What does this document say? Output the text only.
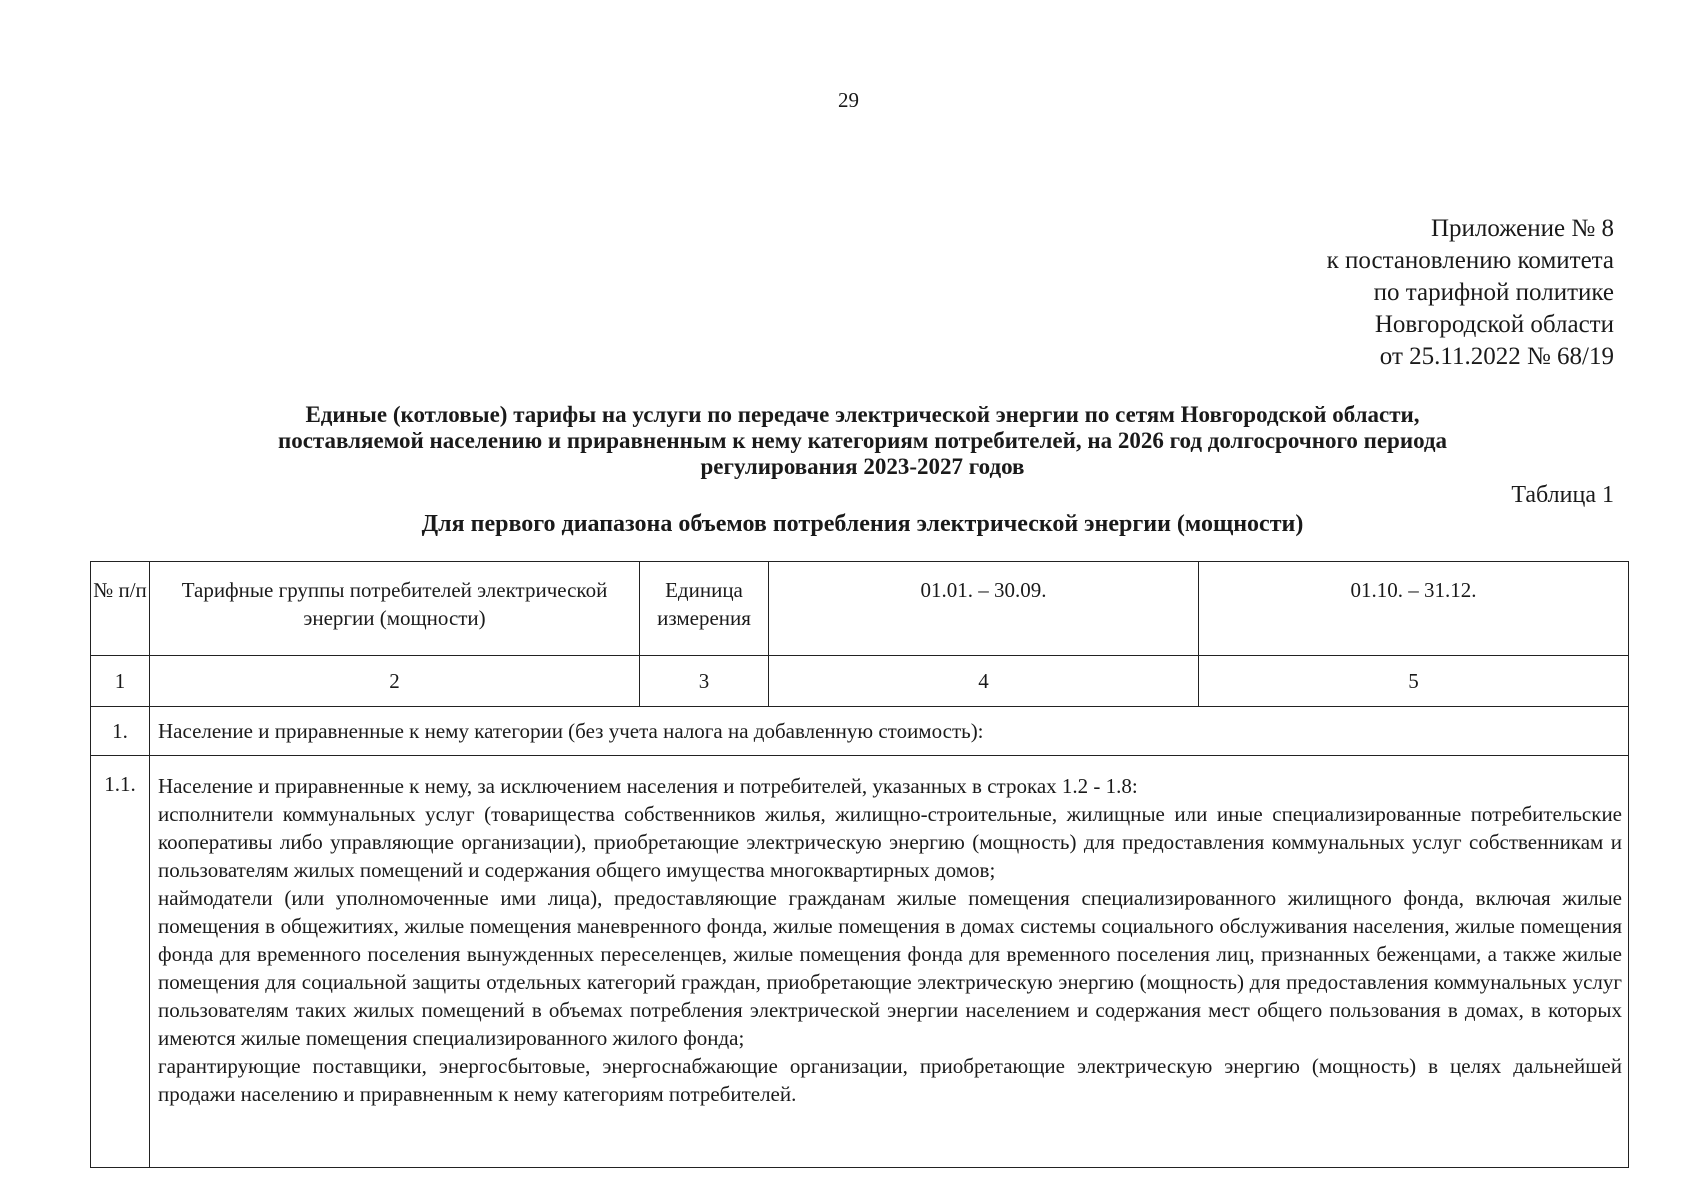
29
Приложение № 8
к постановлению комитета
по тарифной политике
Новгородской области
от 25.11.2022 № 68/19
Единые (котловые) тарифы на услуги по передаче электрической энергии по сетям Новгородской области,
поставляемой населению и приравненным к нему категориям потребителей, на 2026 год долгосрочного периода
регулирования 2023-2027 годов
Таблица 1
Для первого диапазона объемов потребления электрической энергии (мощности)
№ п/п	Тарифные группы потребителей электрической энергии (мощности)	Единица измерения	01.01. – 30.09.	01.10. – 31.12.
1	2	3	4	5
1.	Население и приравненные к нему категории (без учета налога на добавленную стоимость):			
1.1.	Население и приравненные к нему, за исключением населения и потребителей, указанных в строках 1.2 - 1.8:

исполнители коммунальных услуг (товарищества собственников жилья, жилищно-строительные, жилищные или иные специализированные потребительские кооперативы либо управляющие организации), приобретающие электрическую энергию (мощность) для предоставления коммунальных услуг собственникам и пользователям жилых помещений и содержания общего имущества многоквартирных домов;

наймодатели (или уполномоченные ими лица), предоставляющие гражданам жилые помещения специализированного жилищного фонда, включая жилые помещения в общежитиях, жилые помещения маневренного фонда, жилые помещения в домах системы социального обслуживания населения, жилые помещения фонда для временного поселения вынужденных переселенцев, жилые помещения фонда для временного поселения лиц, признанных беженцами, а также жилые помещения для социальной защиты отдельных категорий граждан, приобретающие электрическую энергию (мощность) для предоставления коммунальных услуг пользователям таких жилых помещений в объемах потребления электрической энергии населением и содержания мест общего пользования в домах, в которых имеются жилые помещения специализированного жилого фонда;

гарантирующие поставщики, энергосбытовые, энергоснабжающие организации, приобретающие электрическую энергию (мощность) в целях дальнейшей продажи населению и приравненным к нему категориям потребителей.			
